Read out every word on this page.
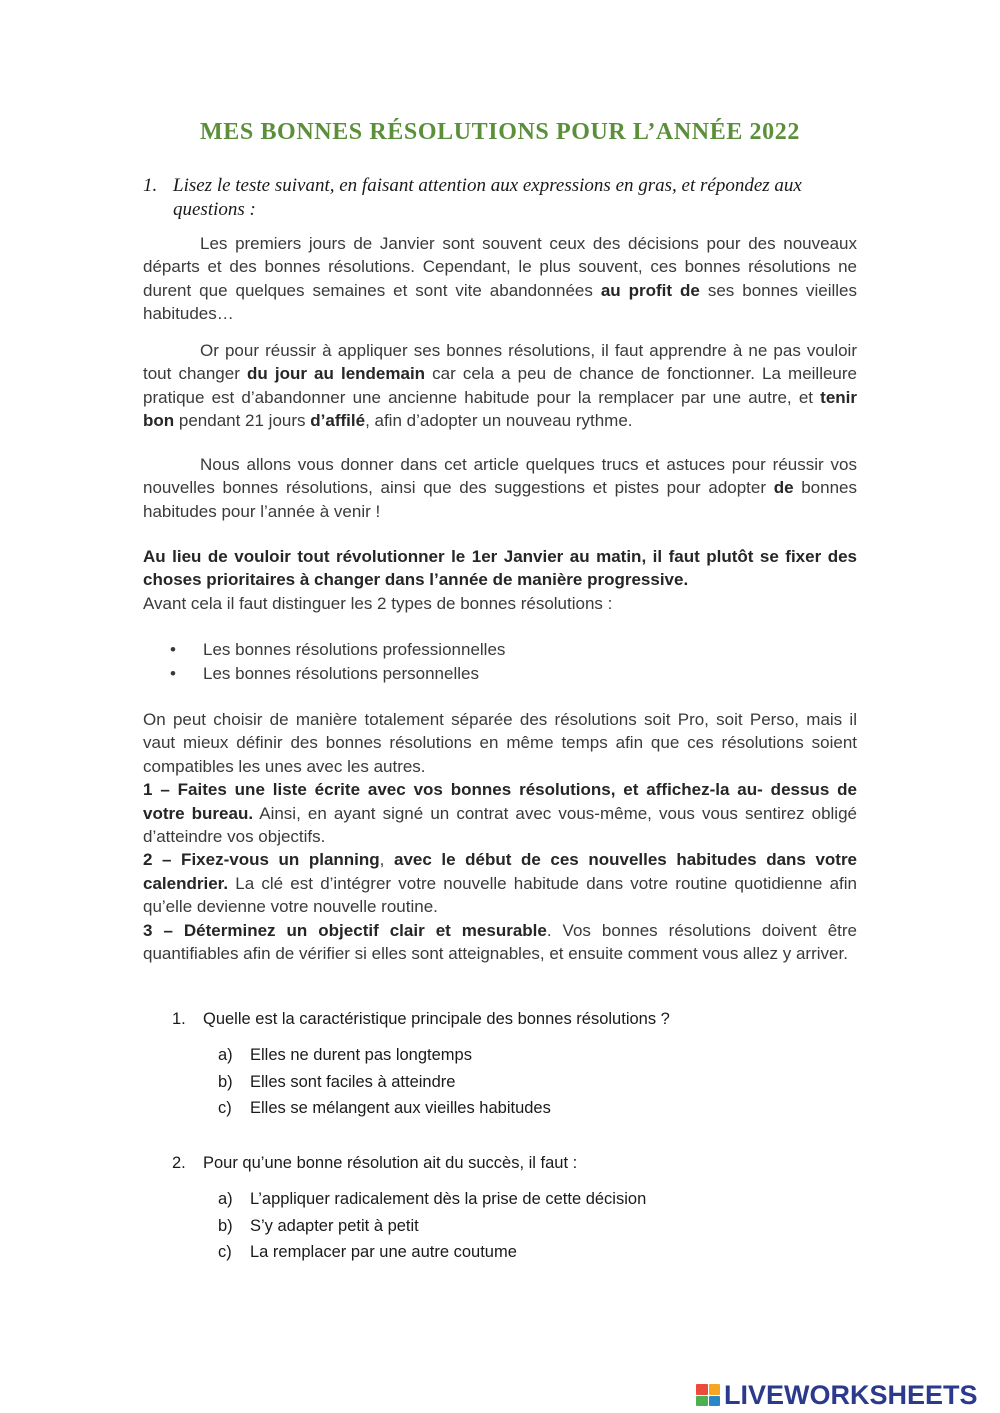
MES BONNES RÉSOLUTIONS POUR L’ANNÉE 2022

1. Lisez le teste suivant, en faisant attention aux expressions en gras, et répondez aux questions :

Les premiers jours de Janvier sont souvent ceux des décisions pour des nouveaux départs et des bonnes résolutions. Cependant, le plus souvent, ces bonnes résolutions ne durent que quelques semaines et sont vite abandonnées au profit de ses bonnes vieilles habitudes…

Or pour réussir à appliquer ses bonnes résolutions, il faut apprendre à ne pas vouloir tout changer du jour au lendemain car cela a peu de chance de fonctionner. La meilleure pratique est d’abandonner une ancienne habitude pour la remplacer par une autre, et tenir bon pendant 21 jours d’affilé, afin d’adopter un nouveau rythme.

Nous allons vous donner dans cet article quelques trucs et astuces pour réussir vos nouvelles bonnes résolutions, ainsi que des suggestions et pistes pour adopter de bonnes habitudes pour l’année à venir !

Au lieu de vouloir tout révolutionner le 1er Janvier au matin, il faut plutôt se fixer des choses prioritaires à changer dans l’année de manière progressive.

Avant cela il faut distinguer les 2 types de bonnes résolutions :

• Les bonnes résolutions professionnelles
• Les bonnes résolutions personnelles

On peut choisir de manière totalement séparée des résolutions soit Pro, soit Perso, mais il vaut mieux définir des bonnes résolutions en même temps afin que ces résolutions soient compatibles les unes avec les autres.

1 – Faites une liste écrite avec vos bonnes résolutions, et affichez-la au- dessus de votre bureau. Ainsi, en ayant signé un contrat avec vous-même, vous vous sentirez obligé d’atteindre vos objectifs.

2 – Fixez-vous un planning, avec le début de ces nouvelles habitudes dans votre calendrier. La clé est d’intégrer votre nouvelle habitude dans votre routine quotidienne afin qu’elle devienne votre nouvelle routine.

3 – Déterminez un objectif clair et mesurable. Vos bonnes résolutions doivent être quantifiables afin de vérifier si elles sont atteignables, et ensuite comment vous allez y arriver.

1. Quelle est la caractéristique principale des bonnes résolutions ?

a) Elles ne durent pas longtemps
b) Elles sont faciles à atteindre
c) Elles se mélangent aux vieilles habitudes

2. Pour qu’une bonne résolution ait du succès, il faut :

a) L’appliquer radicalement dès la prise de cette décision
b) S’y adapter petit à petit
c) La remplacer par une autre coutume
LIVEWORKSHEETS
